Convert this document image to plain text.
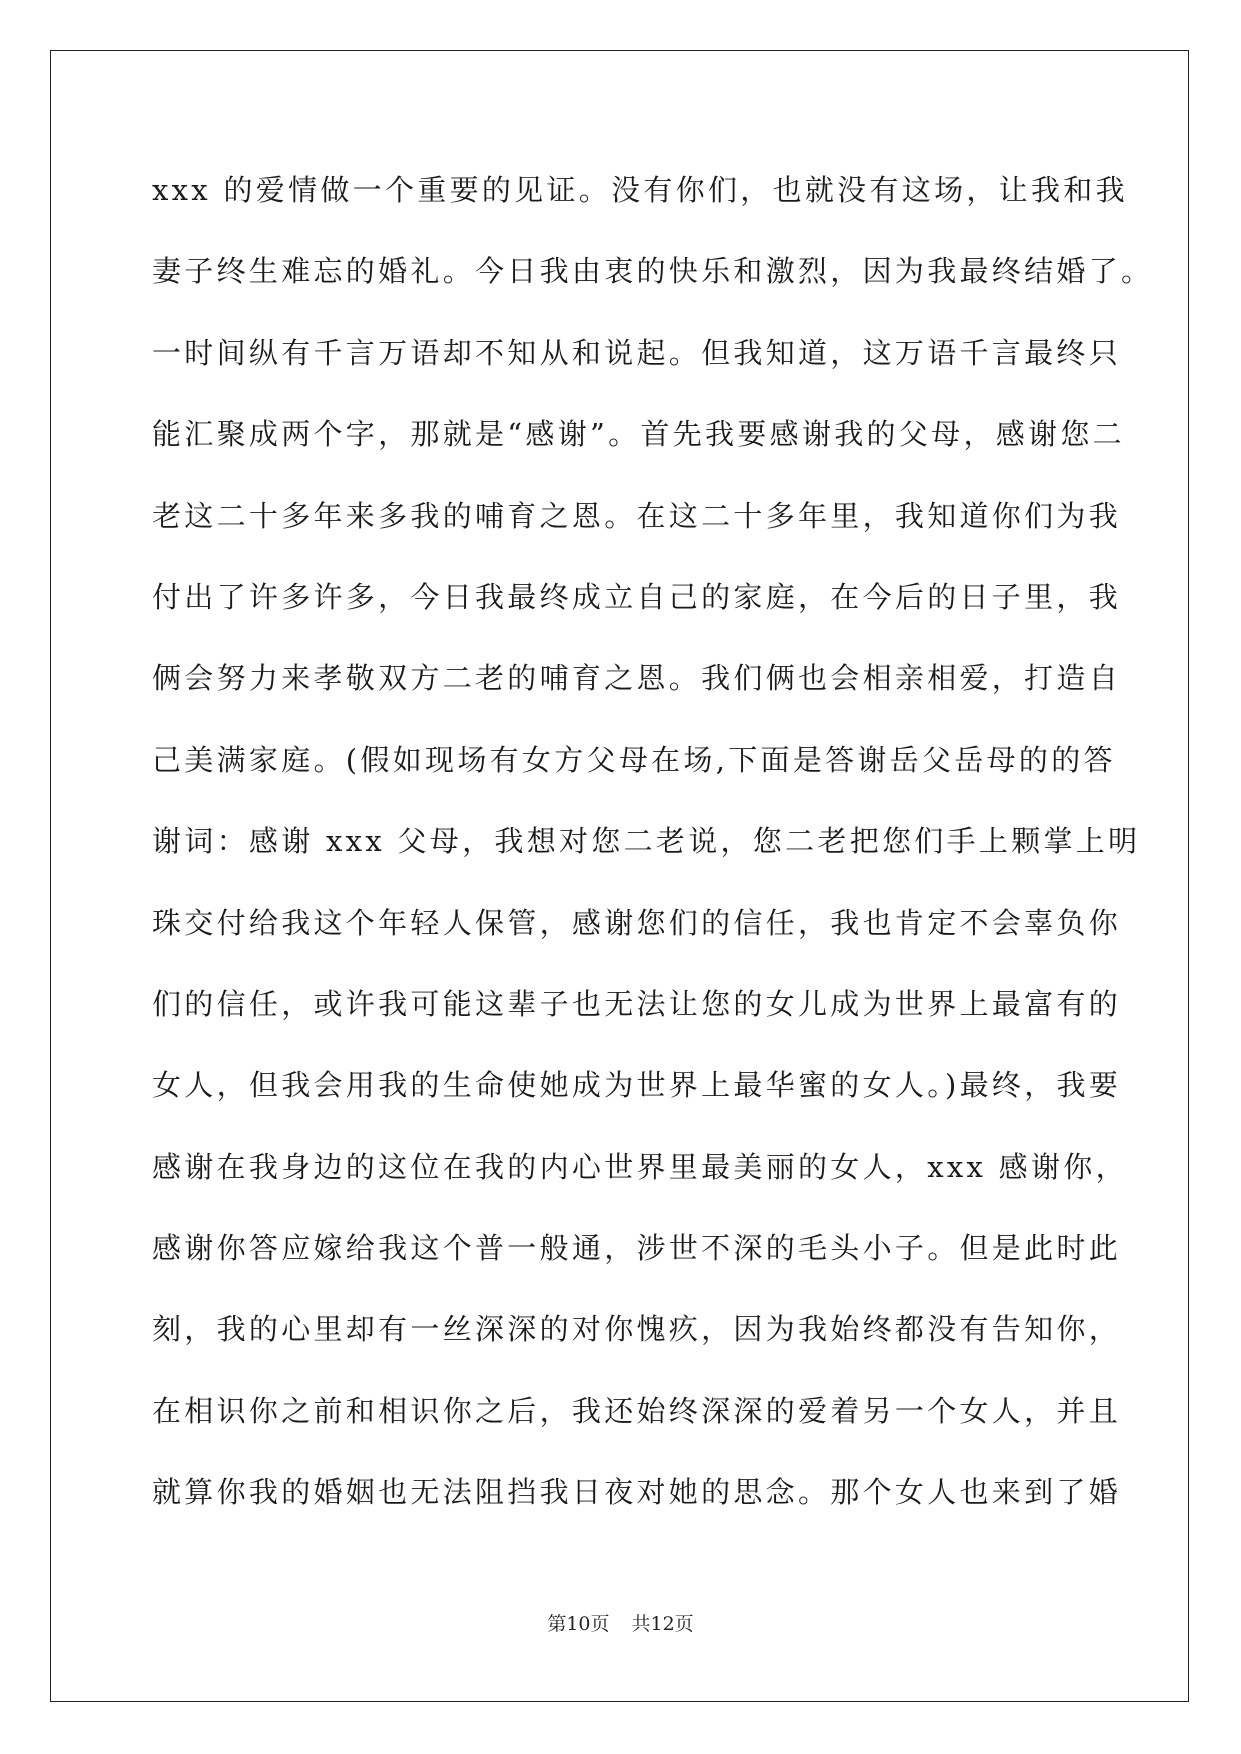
xxx 的爱情做一个重要的见证。没有你们，也就没有这场，让我和我
妻子终生难忘的婚礼。今日我由衷的快乐和激烈，因为我最终结婚了。
一时间纵有千言万语却不知从和说起。但我知道，这万语千言最终只
能汇聚成两个字，那就是“感谢”。首先我要感谢我的父母，感谢您二
老这二十多年来多我的哺育之恩。在这二十多年里，我知道你们为我
付出了许多许多，今日我最终成立自己的家庭，在今后的日子里，我
俩会努力来孝敬双方二老的哺育之恩。我们俩也会相亲相爱，打造自
己美满家庭。(假如现场有女方父母在场,下面是答谢岳父岳母的的答
谢词：感谢 xxx 父母，我想对您二老说，您二老把您们手上颗掌上明
珠交付给我这个年轻人保管，感谢您们的信任，我也肯定不会辜负你
们的信任，或许我可能这辈子也无法让您的女儿成为世界上最富有的
女人，但我会用我的生命使她成为世界上最华蜜的女人。)最终，我要
感谢在我身边的这位在我的内心世界里最美丽的女人，xxx 感谢你，
感谢你答应嫁给我这个普一般通，涉世不深的毛头小子。但是此时此
刻，我的心里却有一丝深深的对你愧疚，因为我始终都没有告知你，
在相识你之前和相识你之后，我还始终深深的爱着另一个女人，并且
就算你我的婚姻也无法阻挡我日夜对她的思念。那个女人也来到了婚
第10页 共12页
